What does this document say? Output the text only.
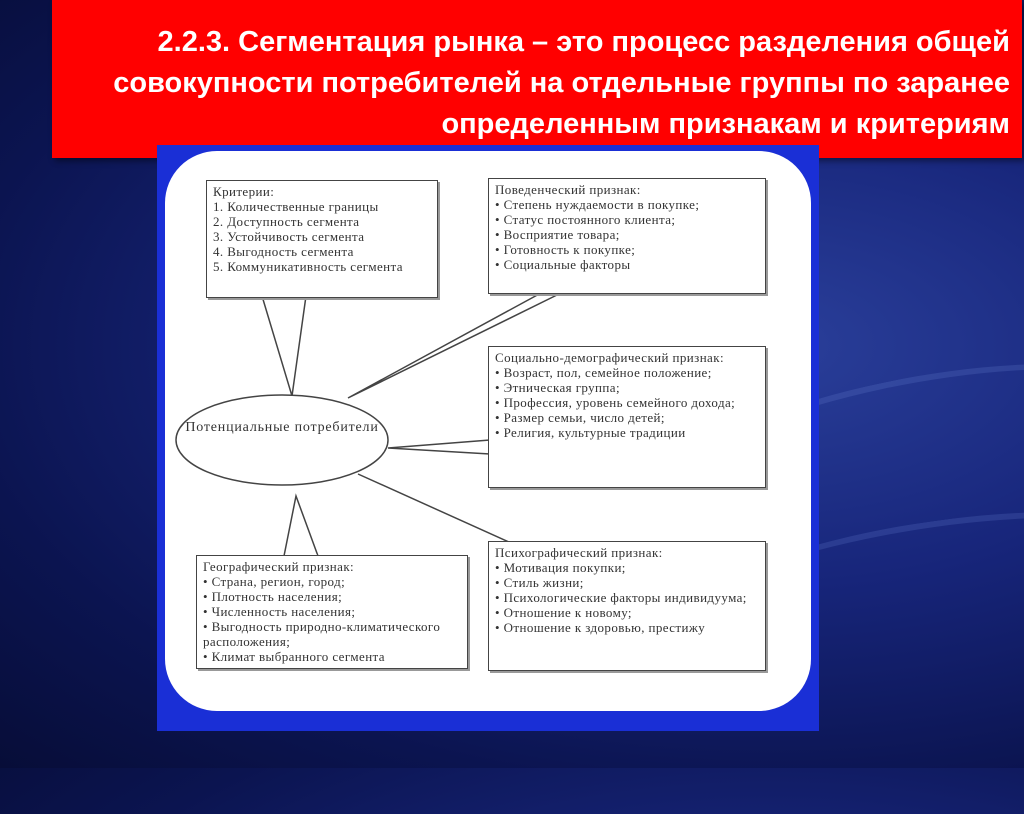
2.2.3. Сегментация рынка – это процесс разделения общей совокупности потребителей на отдельные группы по заранее определенным признакам и критериям
Потенциальные потребители
Критерии:
1. Количественные границы
2. Доступность сегмента
3. Устойчивость сегмента
4. Выгодность сегмента
5. Коммуникативность сегмента
Поведенческий признак:
• Степень нуждаемости в покупке;
• Статус постоянного клиента;
• Восприятие товара;
• Готовность к покупке;
• Социальные факторы
Социально-демографический признак:
• Возраст, пол, семейное положение;
• Этническая группа;
• Профессия, уровень семейного дохода;
• Размер семьи, число детей;
• Религия, культурные традиции
Географический признак:
• Страна, регион, город;
• Плотность населения;
• Численность населения;
• Выгодность природно-климатического расположения;
• Климат выбранного сегмента
Психографический признак:
• Мотивация покупки;
• Стиль жизни;
• Психологические факторы индивидуума;
• Отношение к новому;
• Отношение к здоровью, престижу
